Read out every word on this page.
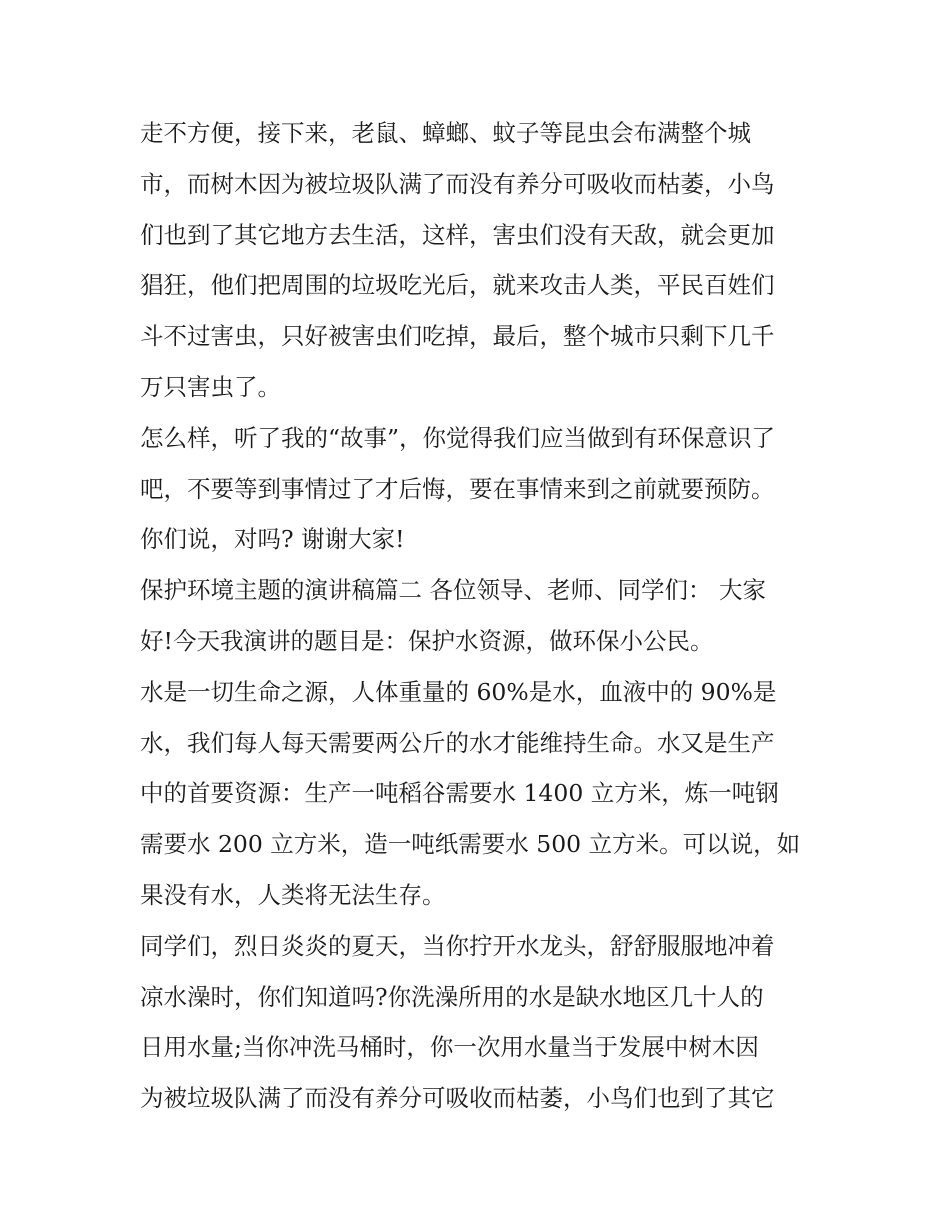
走不方便，接下来，老鼠、蟑螂、蚊子等昆虫会布满整个城
市，而树木因为被垃圾队满了而没有养分可吸收而枯萎，小鸟
们也到了其它地方去生活，这样，害虫们没有天敌，就会更加
猖狂，他们把周围的垃圾吃光后，就来攻击人类，平民百姓们
斗不过害虫，只好被害虫们吃掉，最后，整个城市只剩下几千
万只害虫了。
怎么样，听了我的“故事”，你觉得我们应当做到有环保意识了
吧，不要等到事情过了才后悔，要在事情来到之前就要预防。
你们说，对吗? 谢谢大家!
保护环境主题的演讲稿篇二 各位领导、老师、同学们： 大家
好!今天我演讲的题目是：保护水资源，做环保小公民。
水是一切生命之源，人体重量的 60%是水，血液中的 90%是
水，我们每人每天需要两公斤的水才能维持生命。水又是生产
中的首要资源：生产一吨稻谷需要水 1400 立方米，炼一吨钢
需要水 200 立方米，造一吨纸需要水 500 立方米。可以说，如
果没有水，人类将无法生存。
同学们，烈日炎炎的夏天，当你拧开水龙头，舒舒服服地冲着
凉水澡时，你们知道吗?你洗澡所用的水是缺水地区几十人的
日用水量;当你冲洗马桶时，你一次用水量当于发展中树木因
为被垃圾队满了而没有养分可吸收而枯萎，小鸟们也到了其它
